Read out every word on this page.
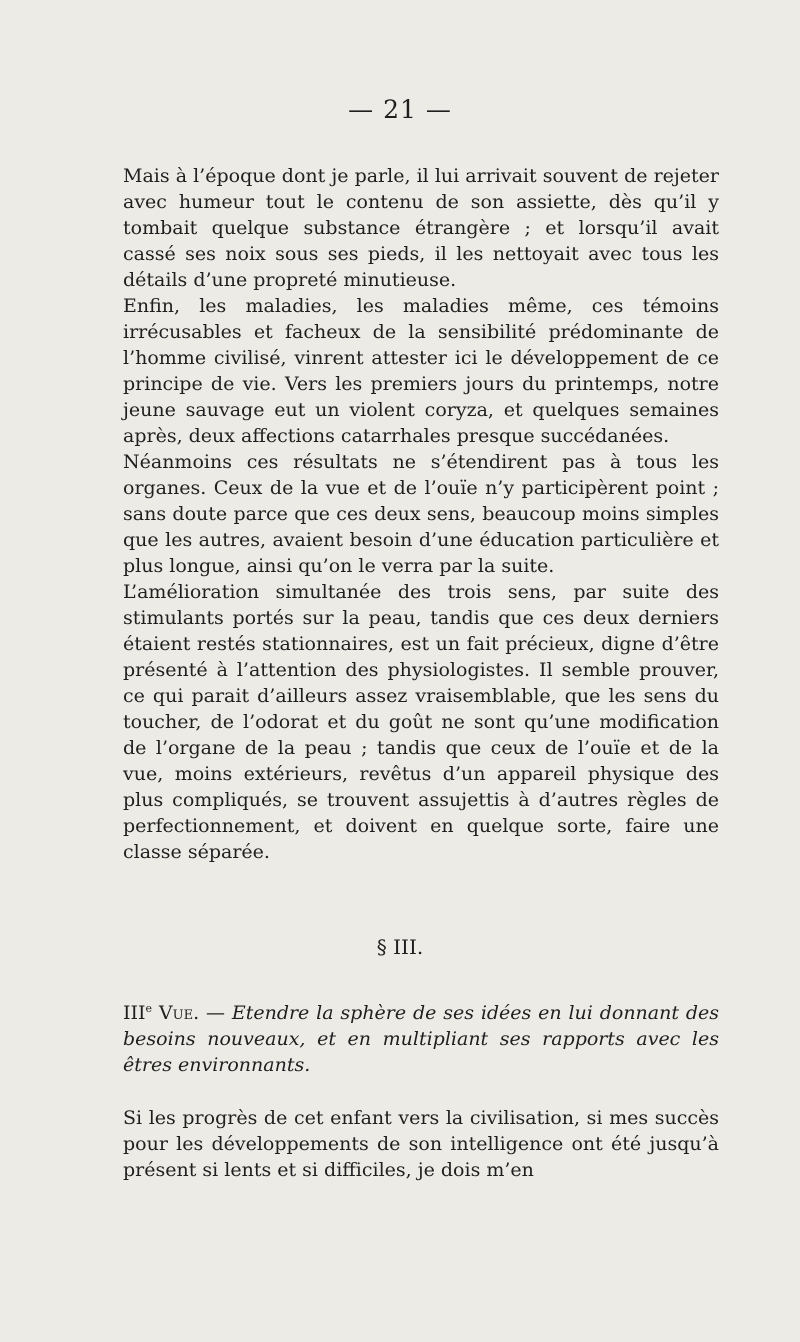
— 21 —

Mais à l’époque dont je parle, il lui arrivait souvent de rejeter avec humeur tout le contenu de son assiette, dès qu’il y tombait quelque substance étrangère ; et lorsqu’il avait cassé ses noix sous ses pieds, il les nettoyait avec tous les détails d’une propreté minutieuse.

Enfin, les maladies, les maladies même, ces témoins irrécusables et facheux de la sensibilité prédominante de l’homme civilisé, vinrent attester ici le développement de ce principe de vie. Vers les premiers jours du printemps, notre jeune sauvage eut un violent coryza, et quelques semaines après, deux affections catarrhales presque succédanées.

Néanmoins ces résultats ne s’étendirent pas à tous les organes. Ceux de la vue et de l’ouïe n’y participèrent point ; sans doute parce que ces deux sens, beaucoup moins simples que les autres, avaient besoin d’une éducation particulière et plus longue, ainsi qu’on le verra par la suite.

L’amélioration simultanée des trois sens, par suite des stimulants portés sur la peau, tandis que ces deux derniers étaient restés stationnaires, est un fait précieux, digne d’être présenté à l’attention des physiologistes. Il semble prouver, ce qui parait d’ailleurs assez vraisemblable, que les sens du toucher, de l’odorat et du goût ne sont qu’une modification de l’organe de la peau ; tandis que ceux de l’ouïe et de la vue, moins extérieurs, revêtus d’un appareil physique des plus compliqués, se trouvent assujettis à d’autres règles de perfectionnement, et doivent en quelque sorte, faire une classe séparée.

§ III.

IIIe Vue. — Etendre la sphère de ses idées en lui donnant des besoins nouveaux, et en multipliant ses rapports avec les êtres environnants.

Si les progrès de cet enfant vers la civilisation, si mes succès pour les développements de son intelligence ont été jusqu’à présent si lents et si difficiles, je dois m’en
